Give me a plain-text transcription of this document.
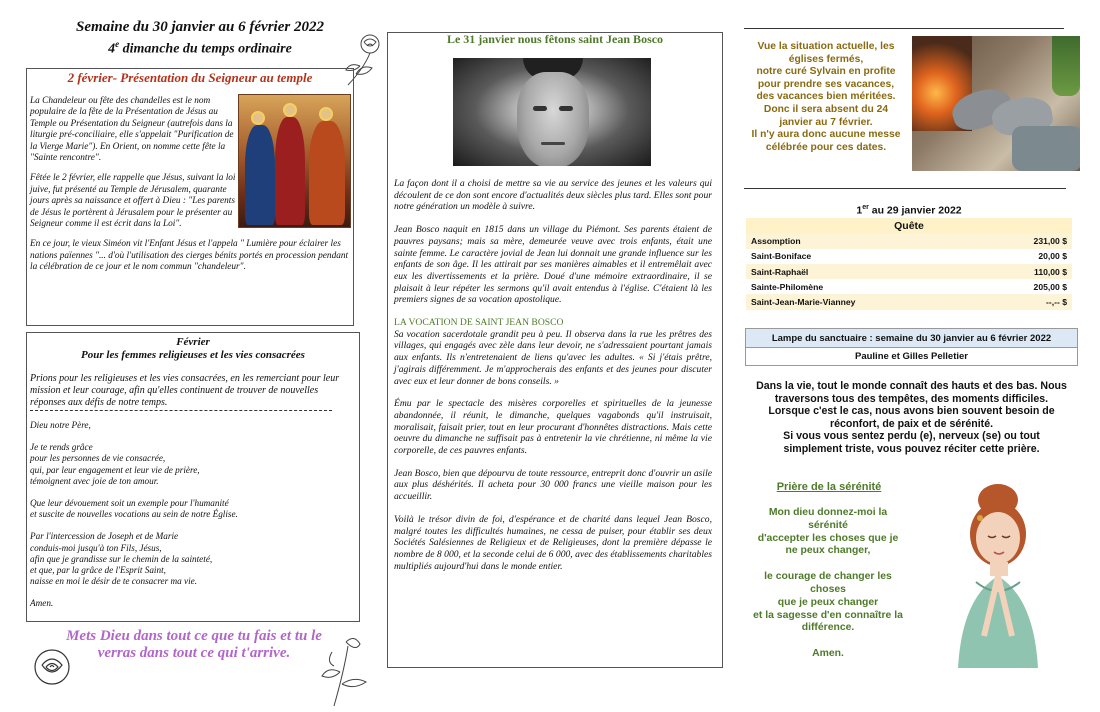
Semaine du 30 janvier au 6 février 2022
4e dimanche du temps ordinaire
2 février- Présentation du Seigneur au temple

La Chandeleur ou fête des chandelles est le nom populaire de la fête de la Présentation de Jésus au Temple ou Présentation du Seigneur (autrefois dans la liturgie pré-conciliaire, elle s'appelait "Purification de la Vierge Marie"). En Orient, on nomme cette fête la "Sainte rencontre".

Fêtée le 2 février, elle rappelle que Jésus, suivant la loi juive, fut présenté au Temple de Jérusalem, quarante jours après sa naissance et offert à Dieu : "Les parents de Jésus le portèrent à Jérusalem pour le présenter au Seigneur comme il est écrit dans la Loi".

En ce jour, le vieux Siméon vit l'Enfant Jésus et l'appela " Lumière pour éclairer les nations païennes "... d'où l'utilisation des cierges bénits portés en procession pendant la célébration de ce jour et le nom commun "chandeleur".

Février
Pour les femmes religieuses et les vies consacrées
Prions pour les religieuses et les vies consacrées, en les remerciant pour leur mission et leur courage, afin qu'elles continuent de trouver de nouvelles réponses aux défis de notre temps.
Dieu notre Père,
Je te rends grâce
pour les personnes de vie consacrée,
qui, par leur engagement et leur vie de prière,
témoignent avec joie de ton amour.
Que leur dévouement soit un exemple pour l'humanité
et suscite de nouvelles vocations au sein de notre Église.
Par l'intercession de Joseph et de Marie
conduis-moi jusqu'à ton Fils, Jésus,
afin que je grandisse sur le chemin de la sainteté,
et que, par la grâce de l'Esprit Saint,
naisse en moi le désir de te consacrer ma vie.
Amen.
Mets Dieu dans tout ce que tu fais et tu le
verras dans tout ce qui t'arrive.
Le 31 janvier nous fêtons saint Jean Bosco

La façon dont il a choisi de mettre sa vie au service des jeunes et les valeurs qui découlent de ce don sont encore d'actualités deux siècles plus tard. Elles sont pour notre génération un modèle à suivre.

Jean Bosco naquit en 1815 dans un village du Piémont. Ses parents étaient de pauvres paysans; mais sa mère, demeurée veuve avec trois enfants, était une sainte femme. Le caractère jovial de Jean lui donnait une grande influence sur les enfants de son âge. Il les attirait par ses manières aimables et il entremêlait avec eux les divertissements et la prière. Doué d'une mémoire extraordinaire, il se plaisait à leur répéter les sermons qu'il avait entendus à l'église. C'étaient là les premiers signes de sa vocation apostolique.

LA VOCATION DE SAINT JEAN BOSCO

Sa vocation sacerdotale grandit peu à peu. Il observa dans la rue les prêtres des villages, qui engagés avec zèle dans leur devoir, ne s'adressaient pourtant jamais aux enfants. Ils n'entretenaient de liens qu'avec les adultes. « Si j'étais prêtre, j'agirais différemment. Je m'approcherais des enfants et des jeunes pour discuter avec eux et leur donner de bons conseils. »

Ému par le spectacle des misères corporelles et spirituelles de la jeunesse abandonnée, il réunit, le dimanche, quelques vagabonds qu'il instruisait, moralisait, faisait prier, tout en leur procurant d'honnêtes distractions. Mais cette oeuvre du dimanche ne suffisait pas à entretenir la vie chrétienne, ni même la vie corporelle, de ces pauvres enfants.

Jean Bosco, bien que dépourvu de toute ressource, entreprit donc d'ouvrir un asile aux plus déshérités. Il acheta pour 30 000 francs une vieille maison pour les accueillir.

Voilà le trésor divin de foi, d'espérance et de charité dans lequel Jean Bosco, malgré toutes les difficultés humaines, ne cessa de puiser, pour établir ses deux Sociétés Salésiennes de Religieux et de Religieuses, dont la première dépasse le nombre de 8 000, et la seconde celui de 6 000, avec des établissements charitables multipliés aujourd'hui dans le monde entier.

Vue la situation actuelle, les
églises fermés,
notre curé Sylvain en profite
pour prendre ses vacances,
des vacances bien méritées.
Donc il sera absent du 24
janvier au 7 février.
Il n'y aura donc aucune messe
célébrée pour ces dates.
1er au 29 janvier 2022
Quête	
Assomption	231,00 $
Saint-Boniface	20,00 $
Saint-Raphaël	110,00 $
Sainte-Philomène	205,00 $
Saint-Jean-Marie-Vianney	--,-- $
Lampe du sanctuaire : semaine du 30 janvier au 6 février 2022
Pauline et Gilles Pelletier
Dans la vie, tout le monde connaît des hauts et des bas. Nous
traversons tous des tempêtes, des moments difficiles.
Lorsque c'est le cas, nous avons bien souvent besoin de
réconfort, de paix et de sérénité.
Si vous vous sentez perdu (e), nerveux (se) ou tout
simplement triste, vous pouvez réciter cette prière.
Prière de la sérénité
Mon dieu donnez-moi la
sérénité
d'accepter les choses que je
ne peux changer,
le courage de changer les
choses
que je peux changer
et la sagesse d'en connaître la
différence.
Amen.
